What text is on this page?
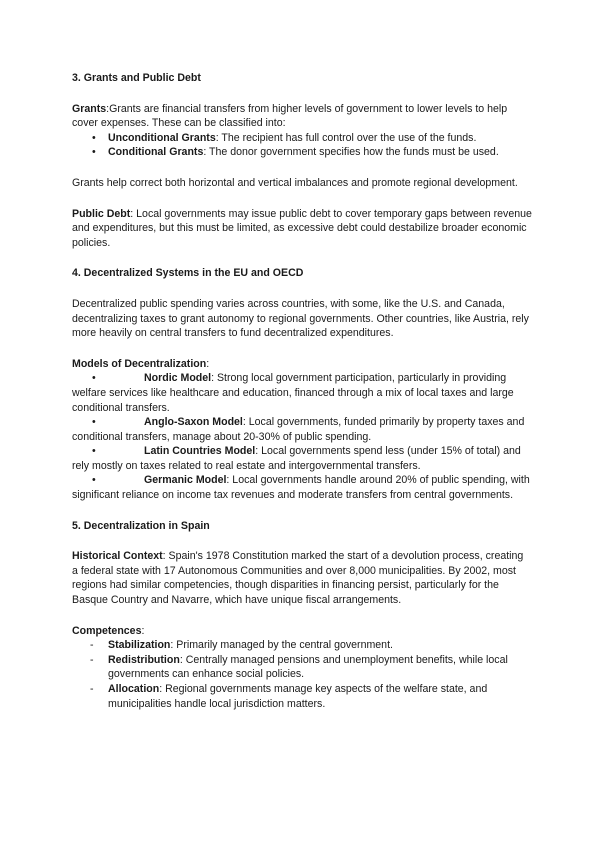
3. Grants and Public Debt

Grants:Grants are financial transfers from higher levels of government to lower levels to help cover expenses. These can be classified into:

• Unconditional Grants: The recipient has full control over the use of the funds.
• Conditional Grants: The donor government specifies how the funds must be used.

Grants help correct both horizontal and vertical imbalances and promote regional development.

Public Debt: Local governments may issue public debt to cover temporary gaps between revenue and expenditures, but this must be limited, as excessive debt could destabilize broader economic policies.

4. Decentralized Systems in the EU and OECD

Decentralized public spending varies across countries, with some, like the U.S. and Canada, decentralizing taxes to grant autonomy to regional governments. Other countries, like Austria, rely more heavily on central transfers to fund decentralized expenditures.

Models of Decentralization:

•	Nordic Model: Strong local government participation, particularly in providing welfare services like healthcare and education, financed through a mix of local taxes and large conditional transfers.
•	Anglo-Saxon Model: Local governments, funded primarily by property taxes and conditional transfers, manage about 20-30% of public spending.
•	Latin Countries Model: Local governments spend less (under 15% of total) and rely mostly on taxes related to real estate and intergovernmental transfers.
•	Germanic Model: Local governments handle around 20% of public spending, with significant reliance on income tax revenues and moderate transfers from central governments.

5. Decentralization in Spain

Historical Context: Spain's 1978 Constitution marked the start of a devolution process, creating a federal state with 17 Autonomous Communities and over 8,000 municipalities. By 2002, most regions had similar competencies, though disparities in financing persist, particularly for the Basque Country and Navarre, which have unique fiscal arrangements.

Competences:

- Stabilization: Primarily managed by the central government.
- Redistribution: Centrally managed pensions and unemployment benefits, while local governments can enhance social policies.
- Allocation: Regional governments manage key aspects of the welfare state, and municipalities handle local jurisdiction matters.
